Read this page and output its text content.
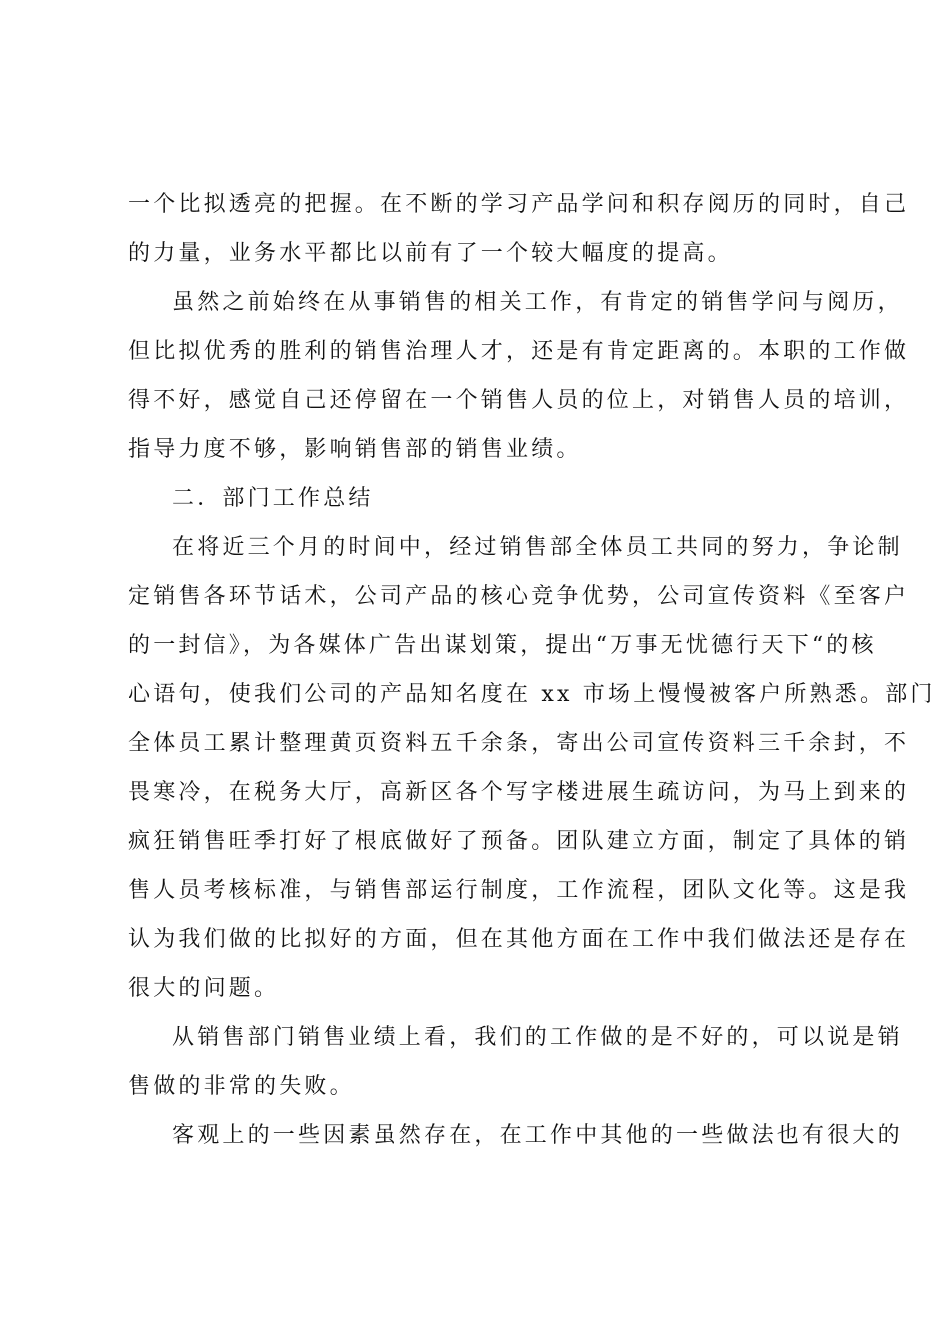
一个比拟透亮的把握。在不断的学习产品学问和积存阅历的同时，自己
的力量，业务水平都比以前有了一个较大幅度的提高。
虽然之前始终在从事销售的相关工作，有肯定的销售学问与阅历，
但比拟优秀的胜利的销售治理人才，还是有肯定距离的。本职的工作做
得不好，感觉自己还停留在一个销售人员的位上，对销售人员的培训，
指导力度不够，影响销售部的销售业绩。
二．部门工作总结
在将近三个月的时间中，经过销售部全体员工共同的努力，争论制
定销售各环节话术，公司产品的核心竞争优势，公司宣传资料《至客户
的一封信》，为各媒体广告出谋划策，提出“万事无忧德行天下“的核
心语句，使我们公司的产品知名度在 xx 市场上慢慢被客户所熟悉。部门
全体员工累计整理黄页资料五千余条，寄出公司宣传资料三千余封，不
畏寒冷，在税务大厅，高新区各个写字楼进展生疏访问，为马上到来的
疯狂销售旺季打好了根底做好了预备。团队建立方面，制定了具体的销
售人员考核标准，与销售部运行制度，工作流程，团队文化等。这是我
认为我们做的比拟好的方面，但在其他方面在工作中我们做法还是存在
很大的问题。
从销售部门销售业绩上看，我们的工作做的是不好的，可以说是销
售做的非常的失败。
客观上的一些因素虽然存在，在工作中其他的一些做法也有很大的
